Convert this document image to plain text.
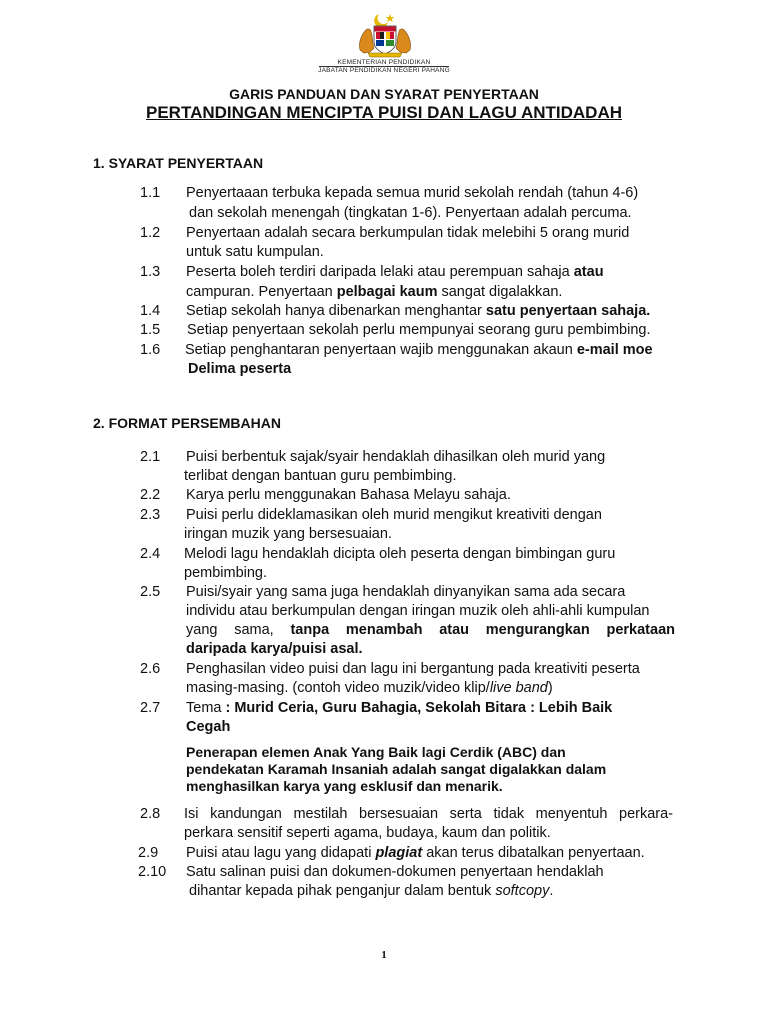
KEMENTERIAN PENDIDIKAN
JABATAN PENDIDIKAN NEGERI PAHANG
GARIS PANDUAN DAN SYARAT PENYERTAAN
PERTANDINGAN MENCIPTA PUISI DAN LAGU ANTIDADAH
1. SYARAT PENYERTAAN
1.1 Penyertaaan terbuka kepada semua murid sekolah rendah (tahun 4-6)
dan sekolah menengah (tingkatan 1-6). Penyertaan adalah percuma.
1.2 Penyertaan adalah secara berkumpulan tidak melebihi 5 orang murid
untuk satu kumpulan.
1.3 Peserta boleh terdiri daripada lelaki atau perempuan sahaja atau
campuran. Penyertaan pelbagai kaum sangat digalakkan.
1.4 Setiap sekolah hanya dibenarkan menghantar satu penyertaan sahaja.
1.5 Setiap penyertaan sekolah perlu mempunyai seorang guru pembimbing.
1.6 Setiap penghantaran penyertaan wajib menggunakan akaun e-mail moe
Delima peserta
2. FORMAT PERSEMBAHAN
2.1 Puisi berbentuk sajak/syair hendaklah dihasilkan oleh murid yang
terlibat dengan bantuan guru pembimbing.
2.2 Karya perlu menggunakan Bahasa Melayu sahaja.
2.3 Puisi perlu dideklamasikan oleh murid mengikut kreativiti dengan
iringan muzik yang bersesuaian.
2.4 Melodi lagu hendaklah dicipta oleh peserta dengan bimbingan guru
pembimbing.
2.5 Puisi/syair yang sama juga hendaklah dinyanyikan sama ada secara
individu atau berkumpulan dengan iringan muzik oleh ahli-ahli kumpulan
yang sama, tanpa menambah atau mengurangkan perkataan
daripada karya/puisi asal.
2.6 Penghasilan video puisi dan lagu ini bergantung pada kreativiti peserta
masing-masing. (contoh video muzik/video klip/live band)
2.7 Tema : Murid Ceria, Guru Bahagia, Sekolah Bitara : Lebih Baik
Cegah
Penerapan elemen Anak Yang Baik lagi Cerdik (ABC) dan
pendekatan Karamah Insaniah adalah sangat digalakkan dalam
menghasilkan karya yang esklusif dan menarik.
2.8 Isi kandungan mestilah bersesuaian serta tidak menyentuh perkara-
perkara sensitif seperti agama, budaya, kaum dan politik.
2.9 Puisi atau lagu yang didapati plagiat akan terus dibatalkan penyertaan.
2.10 Satu salinan puisi dan dokumen-dokumen penyertaan hendaklah
dihantar kepada pihak penganjur dalam bentuk softcopy.
1
